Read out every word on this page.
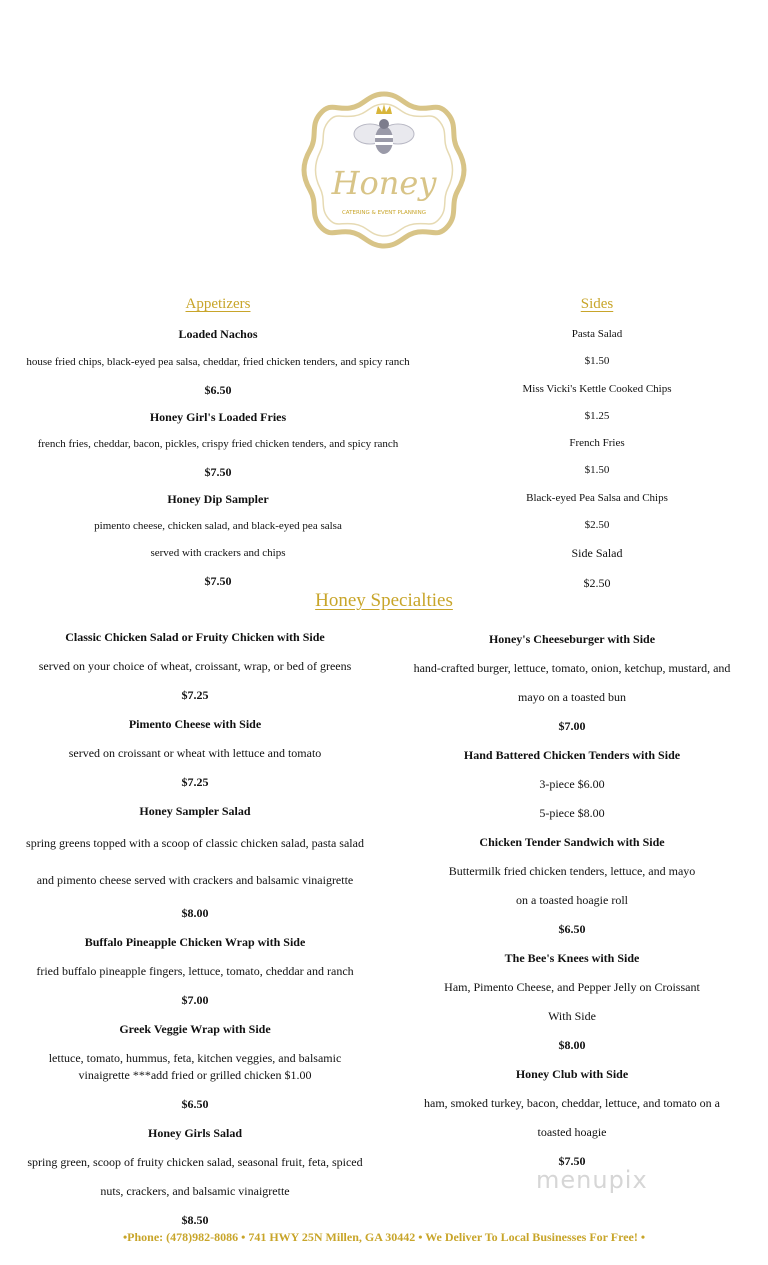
Honey
CATERING & EVENT PLANNING
Appetizers
Loaded Nachos
house fried chips, black-eyed pea salsa, cheddar, fried chicken tenders, and spicy ranch
$6.50
Honey Girl's Loaded Fries
french fries, cheddar, bacon, pickles, crispy fried chicken tenders, and spicy ranch
$7.50
Honey Dip Sampler
pimento cheese, chicken salad, and black-eyed pea salsa
served with crackers and chips
$7.50
Sides
Pasta Salad
$1.50
Miss Vicki's Kettle Cooked Chips
$1.25
French Fries
$1.50
Black-eyed Pea Salsa and Chips
$2.50
Side Salad
$2.50
Honey Specialties
Classic Chicken Salad or Fruity Chicken with Side
served on your choice of wheat, croissant, wrap, or bed of greens
$7.25
Pimento Cheese with Side
served on croissant or wheat with lettuce and tomato
$7.25
Honey Sampler Salad
spring greens topped with a scoop of classic chicken salad, pasta salad
and pimento cheese served with crackers and balsamic vinaigrette
$8.00
Buffalo Pineapple Chicken Wrap with Side
fried buffalo pineapple fingers, lettuce, tomato, cheddar and ranch
$7.00
Greek Veggie Wrap with Side
lettuce, tomato, hummus, feta, kitchen veggies, and balsamic
vinaigrette ***add fried or grilled chicken $1.00
$6.50
Honey Girls Salad
spring green, scoop of fruity chicken salad, seasonal fruit, feta, spiced
nuts, crackers, and balsamic vinaigrette
$8.50
Honey's Cheeseburger with Side
hand-crafted burger, lettuce, tomato, onion, ketchup, mustard, and
mayo on a toasted bun
$7.00
Hand Battered Chicken Tenders with Side
3-piece $6.00
5-piece $8.00
Chicken Tender Sandwich with Side
Buttermilk fried chicken tenders, lettuce, and mayo
on a toasted hoagie roll
$6.50
The Bee's Knees with Side
Ham, Pimento Cheese, and Pepper Jelly on Croissant
With Side
$8.00
Honey Club with Side
ham, smoked turkey, bacon, cheddar, lettuce, and tomato on a
toasted hoagie
$7.50
menupix
•Phone: (478)982-8086 • 741 HWY 25N Millen, GA 30442 • We Deliver To Local Businesses For Free! •
